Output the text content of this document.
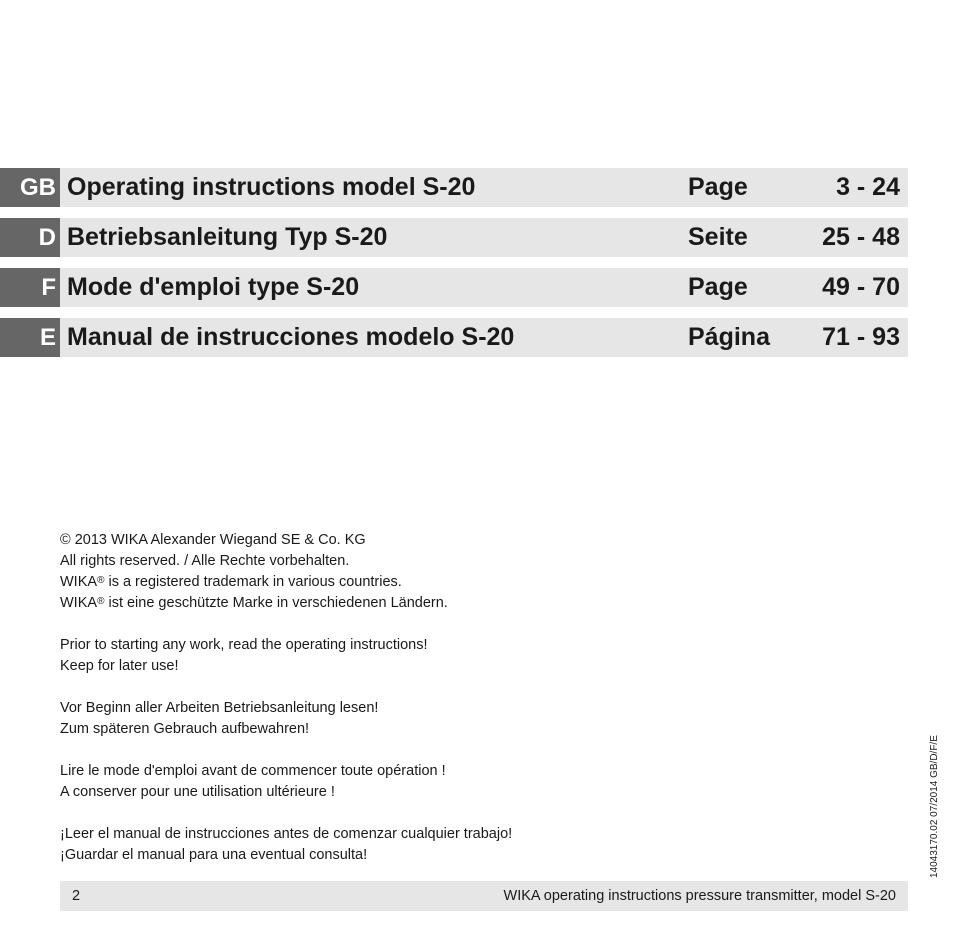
GB Operating instructions model S-20	Page	3 - 24
D Betriebsanleitung Typ S-20	Seite	25 - 48
F Mode d'emploi type S-20	Page	49 - 70
E Manual de instrucciones modelo S-20	Página 71 - 93
© 2013 WIKA Alexander Wiegand SE & Co. KG
All rights reserved. / Alle Rechte vorbehalten.
WIKA® is a registered trademark in various countries.
WIKA® ist eine geschützte Marke in verschiedenen Ländern.
Prior to starting any work, read the operating instructions!
Keep for later use!
Vor Beginn aller Arbeiten Betriebsanleitung lesen!
Zum späteren Gebrauch aufbewahren!
Lire le mode d'emploi avant de commencer toute opération !
A conserver pour une utilisation ultérieure !
¡Leer el manual de instrucciones antes de comenzar cualquier trabajo!
¡Guardar el manual para una eventual consulta!
2	WIKA operating instructions pressure transmitter, model S-20
14043170.02 07/2014 GB/D/F/E
